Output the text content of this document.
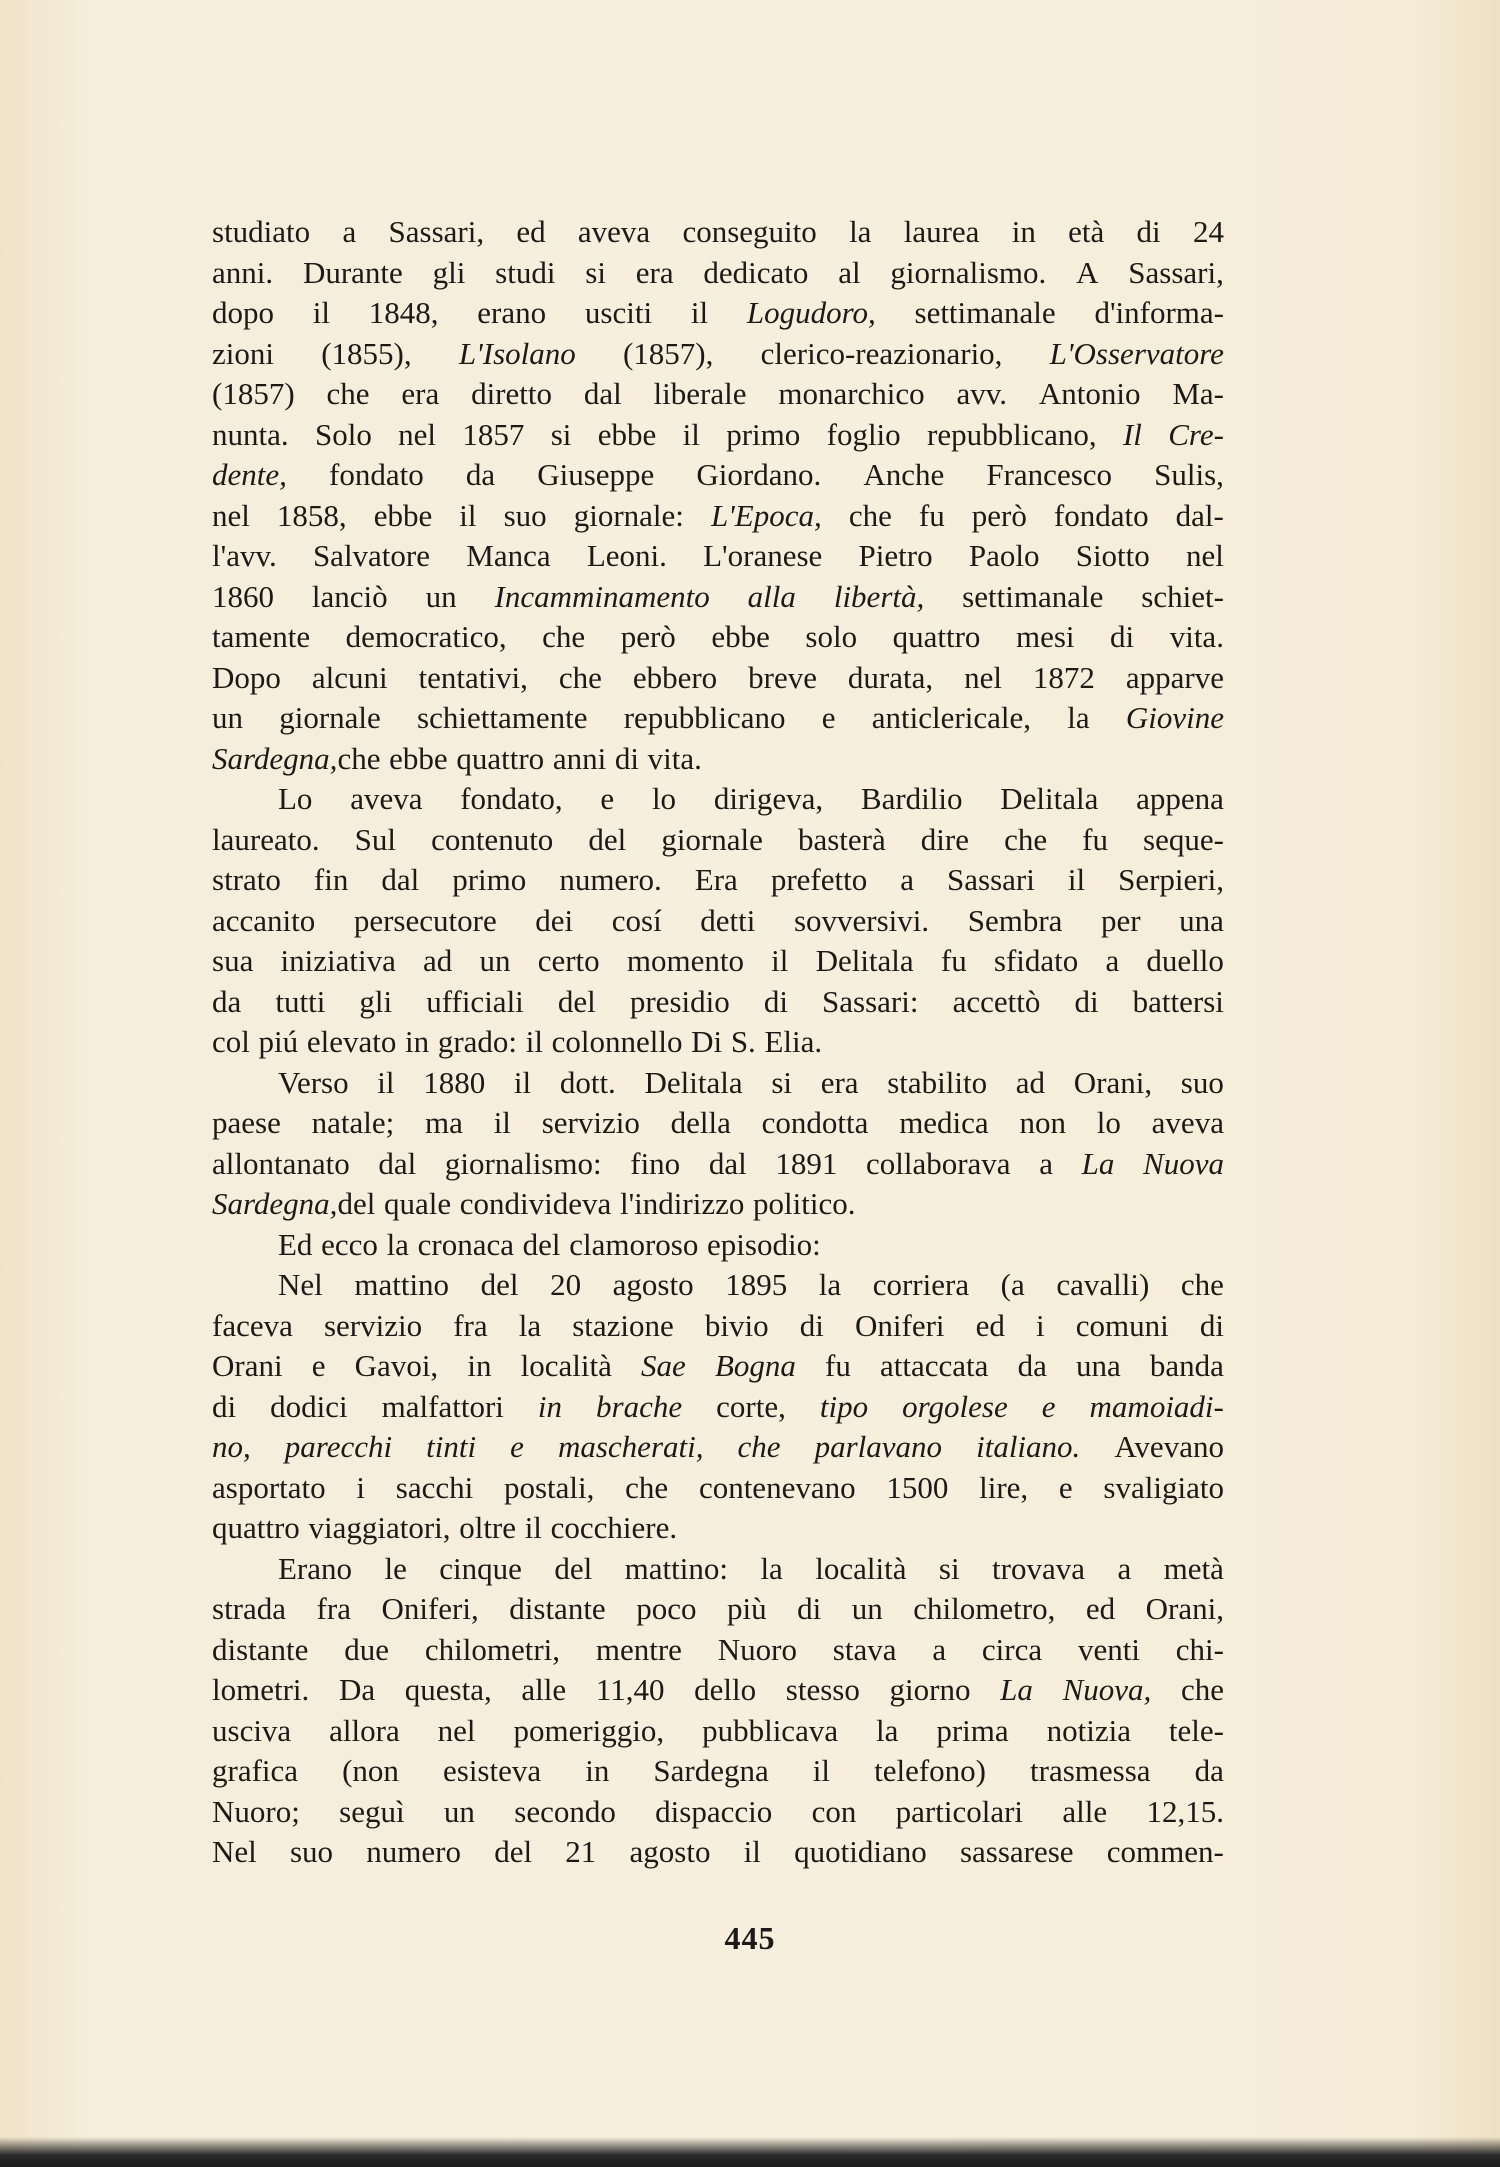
studiato a Sassari, ed aveva conseguito la laurea in età di 24
anni. Durante gli studi si era dedicato al giornalismo. A Sassari,
dopo il 1848, erano usciti il Logudoro, settimanale d'informa-
zioni (1855), L'Isolano (1857), clerico-reazionario, L'Osservatore
(1857) che era diretto dal liberale monarchico avv. Antonio Ma-
nunta. Solo nel 1857 si ebbe il primo foglio repubblicano, Il Cre-
dente, fondato da Giuseppe Giordano. Anche Francesco Sulis,
nel 1858, ebbe il suo giornale: L'Epoca, che fu però fondato dal-
l'avv. Salvatore Manca Leoni. L'oranese Pietro Paolo Siotto nel
1860 lanciò un Incamminamento alla libertà, settimanale schiet-
tamente democratico, che però ebbe solo quattro mesi di vita.
Dopo alcuni tentativi, che ebbero breve durata, nel 1872 apparve
un giornale schiettamente repubblicano e anticlericale, la Giovine
Sardegna, che ebbe quattro anni di vita.
Lo aveva fondato, e lo dirigeva, Bardilio Delitala appena
laureato. Sul contenuto del giornale basterà dire che fu seque-
strato fin dal primo numero. Era prefetto a Sassari il Serpieri,
accanito persecutore dei cosí detti sovversivi. Sembra per una
sua iniziativa ad un certo momento il Delitala fu sfidato a duello
da tutti gli ufficiali del presidio di Sassari: accettò di battersi
col piú elevato in grado: il colonnello Di S. Elia.
Verso il 1880 il dott. Delitala si era stabilito ad Orani, suo
paese natale; ma il servizio della condotta medica non lo aveva
allontanato dal giornalismo: fino dal 1891 collaborava a La Nuova
Sardegna, del quale condivideva l'indirizzo politico.
Ed ecco la cronaca del clamoroso episodio:
Nel mattino del 20 agosto 1895 la corriera (a cavalli) che
faceva servizio fra la stazione bivio di Oniferi ed i comuni di
Orani e Gavoi, in località Sae Bogna fu attaccata da una banda
di dodici malfattori in brache corte, tipo orgolese e mamoiadi-
no, parecchi tinti e mascherati, che parlavano italiano. Avevano
asportato i sacchi postali, che contenevano 1500 lire, e svaligiato
quattro viaggiatori, oltre il cocchiere.
Erano le cinque del mattino: la località si trovava a metà
strada fra Oniferi, distante poco più di un chilometro, ed Orani,
distante due chilometri, mentre Nuoro stava a circa venti chi-
lometri. Da questa, alle 11,40 dello stesso giorno La Nuova, che
usciva allora nel pomeriggio, pubblicava la prima notizia tele-
grafica (non esisteva in Sardegna il telefono) trasmessa da
Nuoro; seguì un secondo dispaccio con particolari alle 12,15.
Nel suo numero del 21 agosto il quotidiano sassarese commen-
445
